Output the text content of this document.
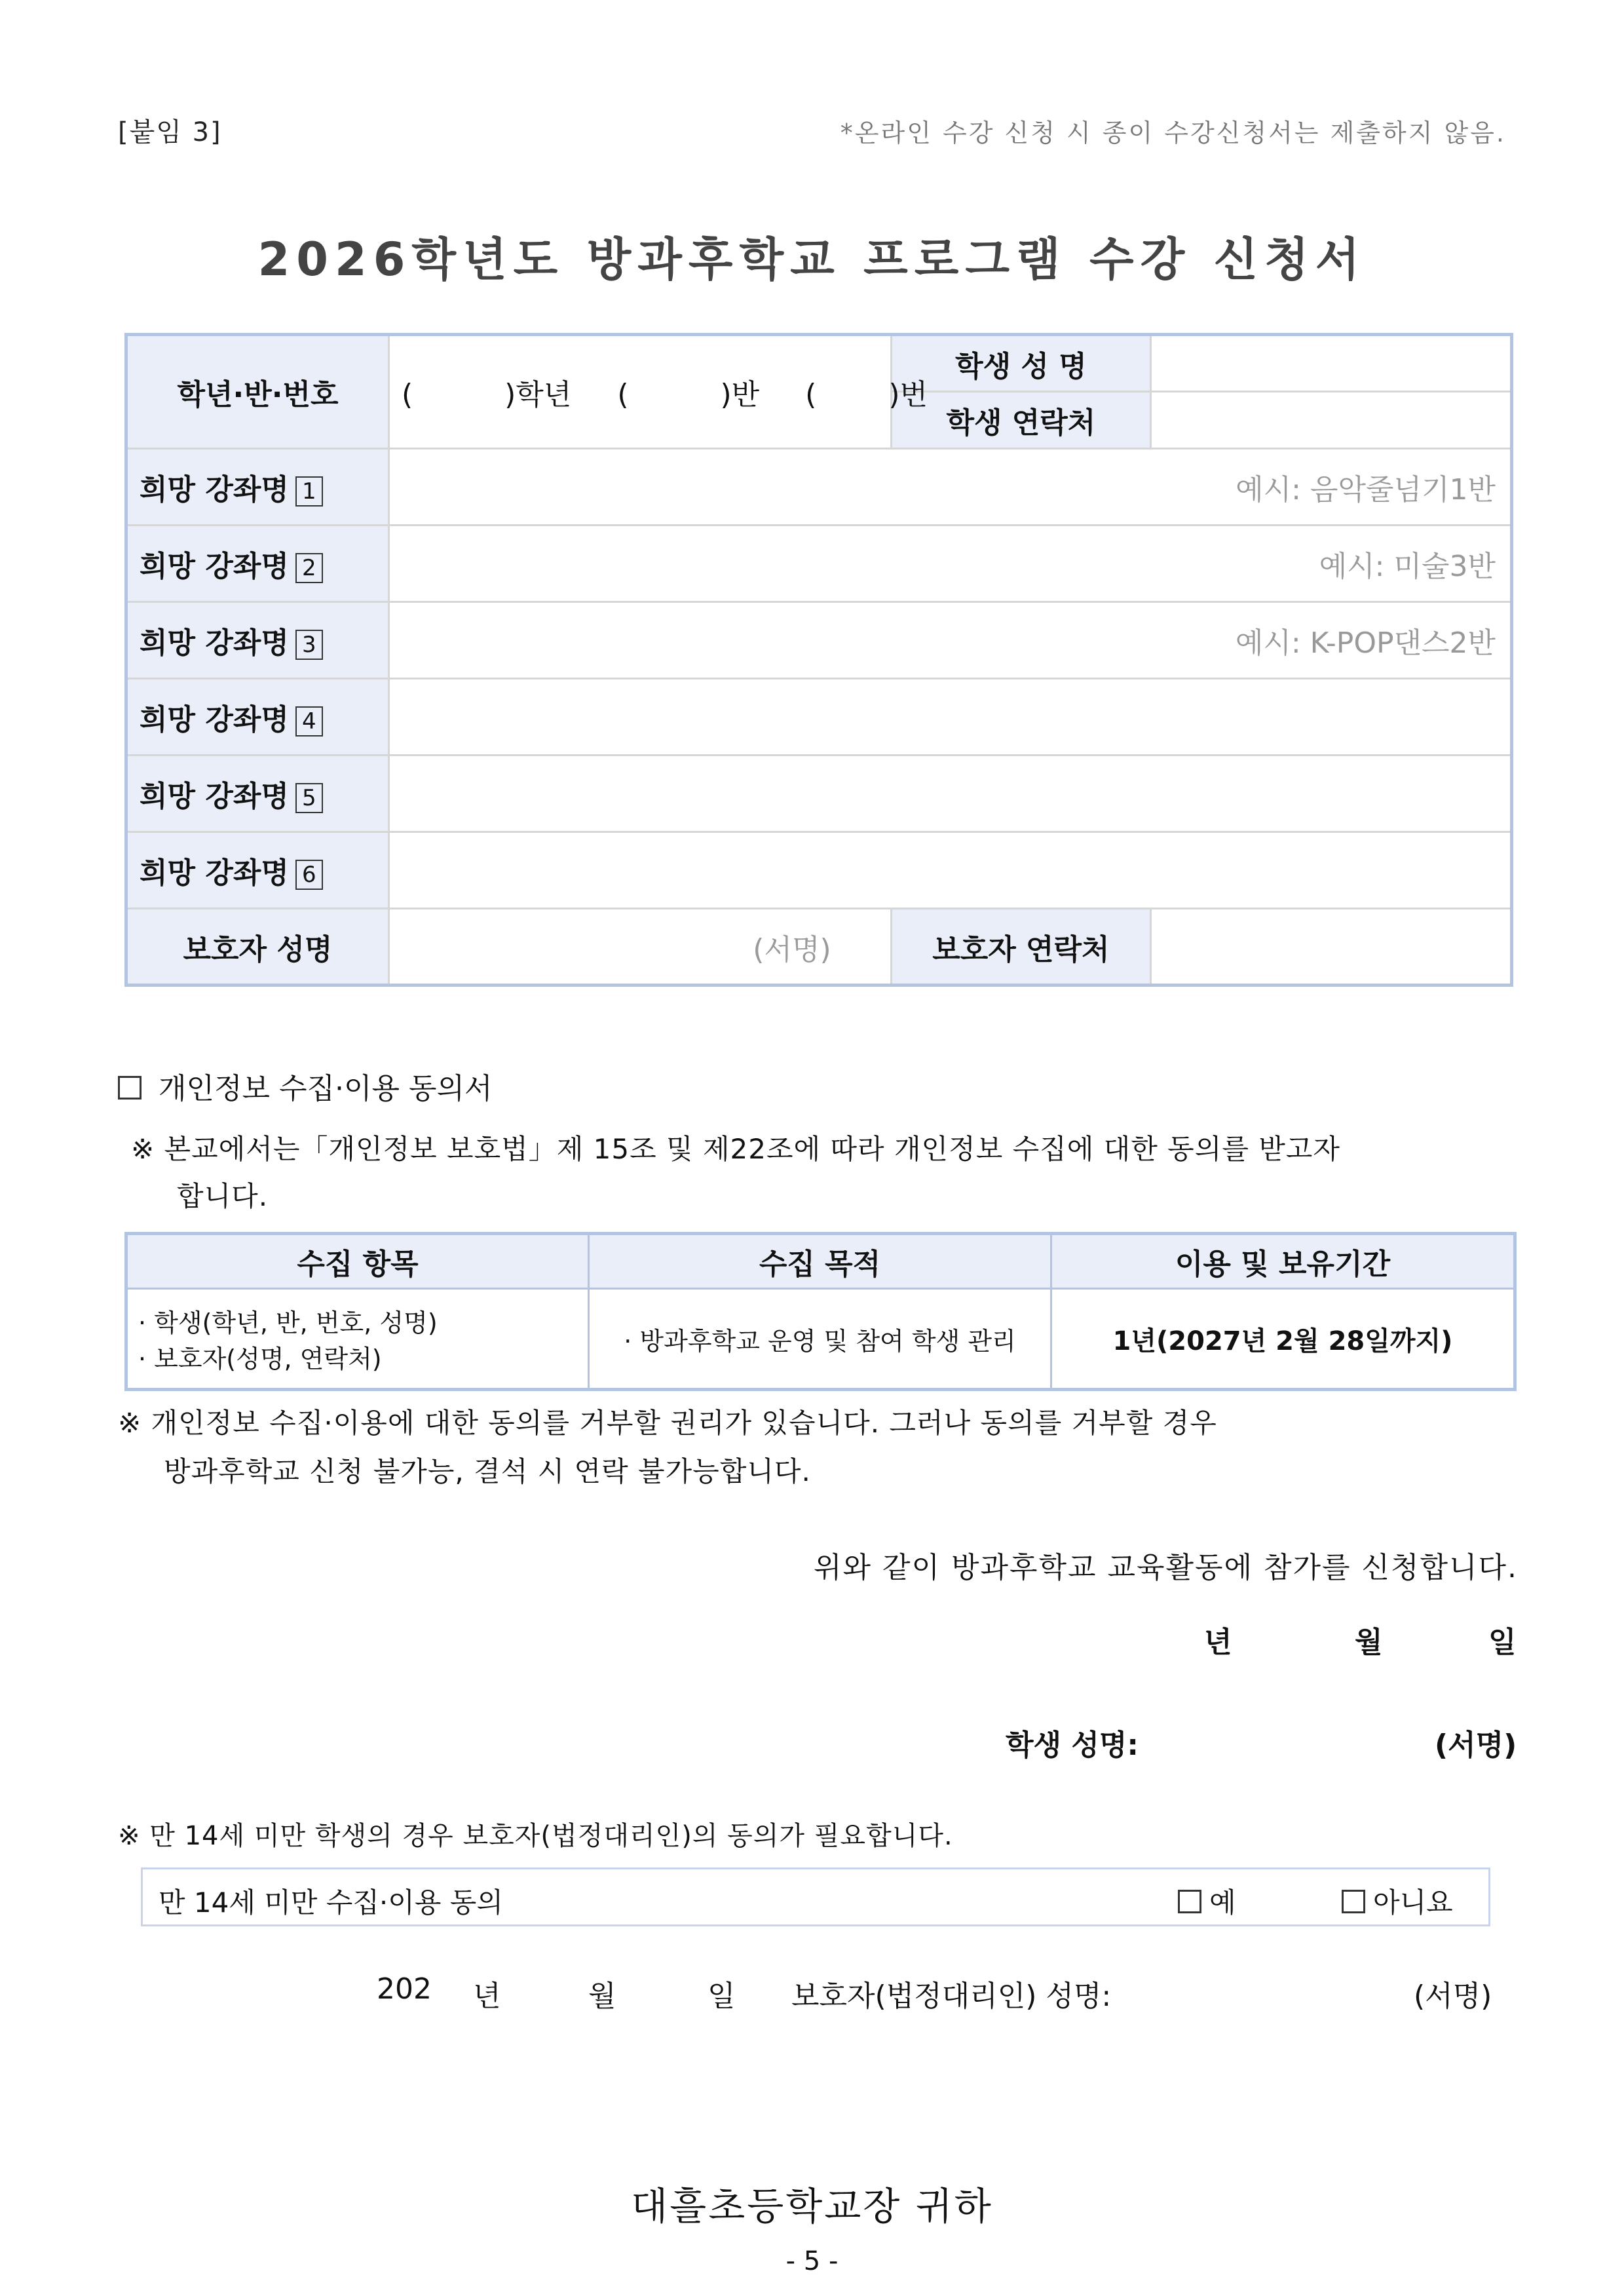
[붙임 3]	*온라인 수강 신청 시 종이 수강신청서는 제출하지 않음.
2026학년도 방과후학교 프로그램 수강 신청서
학년·반·번호	( )학년 ( )반 ( )번	학생 성 명	
		학생 연락처	
희망 강좌명 1	예시: 음악줄넘기1반		
희망 강좌명 2	예시: 미술3반		
희망 강좌명 3	예시: K-POP댄스2반		
희망 강좌명 4			
희망 강좌명 5			
희망 강좌명 6			
보호자 성명	(서명)	보호자 연락처	
개인정보 수집·이용 동의서
※ 본교에서는「개인정보 보호법」제 15조 및 제22조에 따라 개인정보 수집에 대한 동의를 받고자
합니다.
수집 항목	수집 목적	이용 및 보유기간

· 학생(학년, 반, 번호, 성명)
· 보호자(성명, 연락처)	· 방과후학교 운영 및 참여 학생 관리	1년(2027년 2월 28일까지)
※ 개인정보 수집·이용에 대한 동의를 거부할 권리가 있습니다. 그러나 동의를 거부할 경우
방과후학교 신청 불가능, 결석 시 연락 불가능합니다.
위와 같이 방과후학교 교육활동에 참가를 신청합니다.
년	월	일
학생 성명:	(서명)
※ 만 14세 미만 학생의 경우 보호자(법정대리인)의 동의가 필요합니다.
만 14세 미만 수집·이용 동의	예	아니요
202 년	월	일 보호자(법정대리인) 성명:	(서명)
대흘초등학교장 귀하
- 5 -
